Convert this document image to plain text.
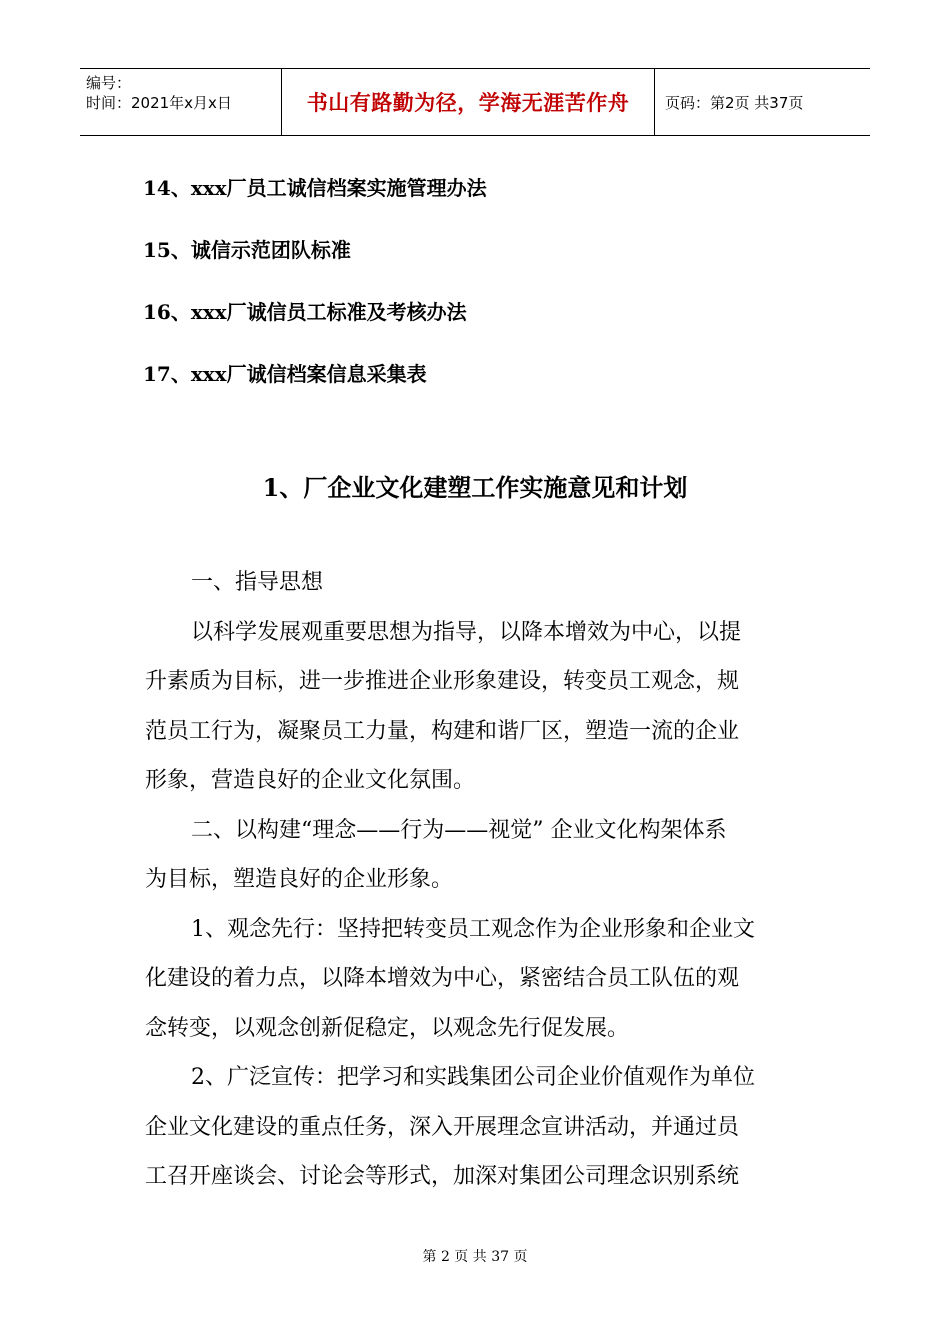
编号：
时间：2021年x月x日	书山有路勤为径，学海无涯苦作舟 页码：第2页 共37页
14、xxx厂员工诚信档案实施管理办法
15、诚信示范团队标准
16、xxx厂诚信员工标准及考核办法
17、xxx厂诚信档案信息采集表
1、厂企业文化建塑工作实施意见和计划
一、指导思想
以科学发展观重要思想为指导，以降本增效为中心，以提
升素质为目标，进一步推进企业形象建设，转变员工观念，规
范员工行为，凝聚员工力量，构建和谐厂区，塑造一流的企业
形象，营造良好的企业文化氛围。
二、以构建“理念——行为——视觉” 企业文化构架体系
为目标，塑造良好的企业形象。
1、观念先行：坚持把转变员工观念作为企业形象和企业文
化建设的着力点，以降本增效为中心，紧密结合员工队伍的观
念转变，以观念创新促稳定，以观念先行促发展。
2、广泛宣传：把学习和实践集团公司企业价值观作为单位
企业文化建设的重点任务，深入开展理念宣讲活动，并通过员
工召开座谈会、讨论会等形式，加深对集团公司理念识别系统
第 2 页 共 37 页
